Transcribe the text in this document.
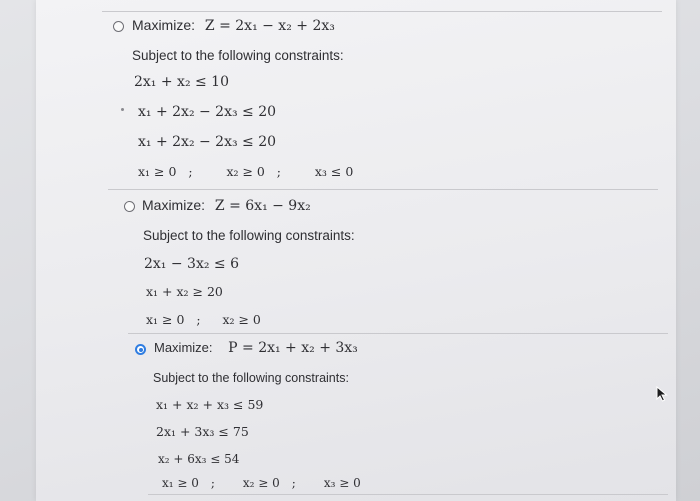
Maximize: Z = 2x₁ − x₂ + 2x₃
Subject to the following constraints:
2x₁ + x₂ ≤ 10
x₁ + 2x₂ − 2x₃ ≤ 20
x₁ + 2x₂ − 2x₃ ≤ 20
x₁ ≥ 0 ;	x₂ ≥ 0 ;	x₃ ≤ 0
Maximize: Z = 6x₁ − 9x₂
Subject to the following constraints:
2x₁ − 3x₂ ≤ 6
x₁ + x₂ ≥ 20
x₁ ≥ 0 ; x₂ ≥ 0
Maximize: P = 2x₁ + x₂ + 3x₃
Subject to the following constraints:
x₁ + x₂ + x₃ ≤ 59
2x₁ + 3x₃ ≤ 75
x₂ + 6x₃ ≤ 54
x₁ ≥ 0 ; x₂ ≥ 0 ; x₃ ≥ 0
